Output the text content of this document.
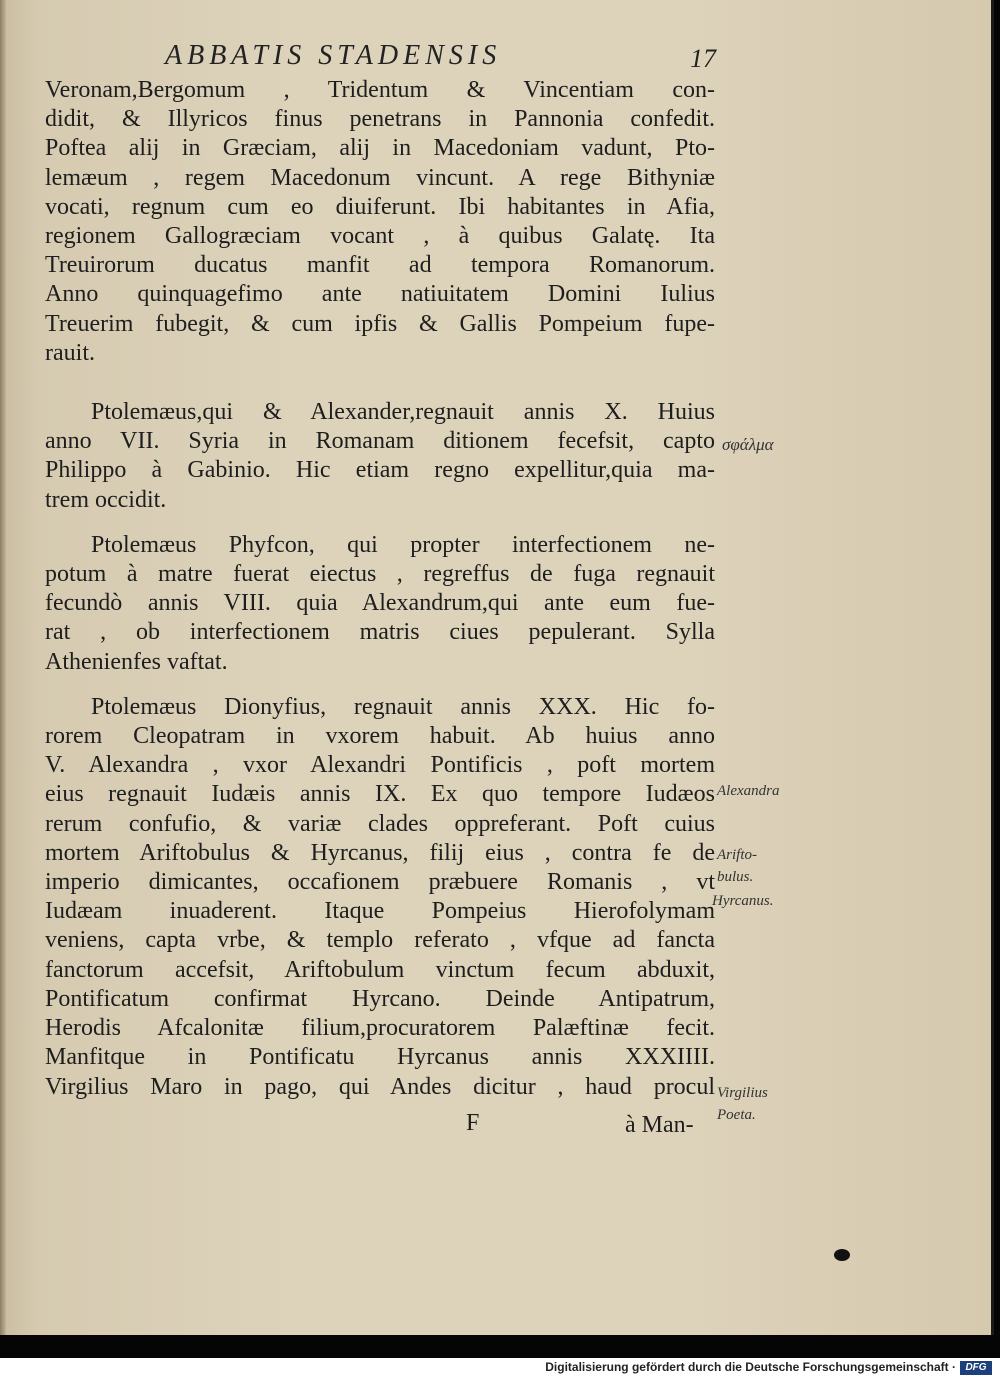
ABBATIS STADENSIS	17
Veronam,Bergomum , Tridentum & Vincentiam con-
didit, & Illyricos finus penetrans in Pannonia confedit.
Poftea alij in Græciam, alij in Macedoniam vadunt, Pto-
lemæum , regem Macedonum vincunt. A rege Bithyniæ
vocati, regnum cum eo diuiferunt. Ibi habitantes in Afia,
regionem Gallogræciam vocant , à quibus Galatę. Ita
Treuirorum ducatus manfit ad tempora Romanorum.
Anno quinquagefimo ante natiuitatem Domini Iulius
Treuerim fubegit, & cum ipfis & Gallis Pompeium fupe-
rauit.
Ptolemæus,qui & Alexander,regnauit annis X. Huius
anno VII. Syria in Romanam ditionem fecefsit, capto
Philippo à Gabinio. Hic etiam regno expellitur,quia ma-
trem occidit.
Ptolemæus Phyfcon, qui propter interfectionem ne-
potum à matre fuerat eiectus , regreffus de fuga regnauit
fecundò annis VIII. quia Alexandrum,qui ante eum fue-
rat , ob interfectionem matris ciues pepulerant. Sylla
Athenienfes vaftat.
Ptolemæus Dionyfius, regnauit annis XXX. Hic fo-
rorem Cleopatram in vxorem habuit. Ab huius anno
V. Alexandra , vxor Alexandri Pontificis , poft mortem
eius regnauit Iudæis annis IX. Ex quo tempore Iudæos
rerum confufio, & variæ clades oppreferant. Poft cuius
mortem Ariftobulus & Hyrcanus, filij eius , contra fe de
imperio dimicantes, occafionem præbuere Romanis , vt
Iudæam inuaderent. Itaque Pompeius Hierofolymam
veniens, capta vrbe, & templo referato , vfque ad fancta
fanctorum accefsit, Ariftobulum vinctum fecum abduxit,
Pontificatum confirmat Hyrcano. Deinde Antipatrum,
Herodis Afcalonitæ filium,procuratorem Palæftinæ fecit.
Manfitque in Pontificatu Hyrcanus annis XXXIIII.
Virgilius Maro in pago, qui Andes dicitur , haud procul
σφάλμα
Alexandra
Arifto-
bulus.
Hyrcanus.
Virgilius
Poeta.
F	à Man-
Digitalisierung gefördert durch die Deutsche Forschungsgemeinschaft · DFG
